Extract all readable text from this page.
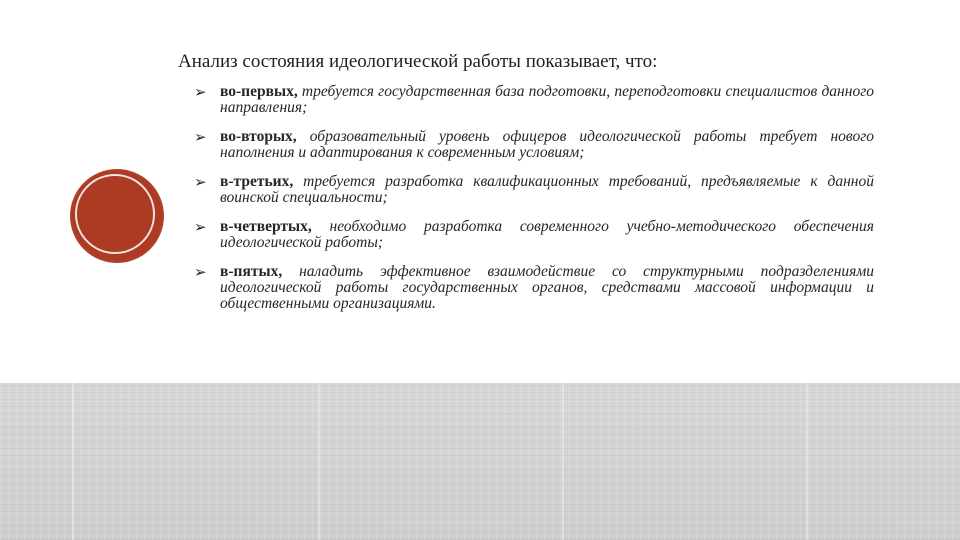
Анализ состояния идеологической работы показывает, что:
➢ во-первых, требуется государственная база подготовки, переподготовки специалистов данного направления;
➢ во-вторых, образовательный уровень офицеров идеологической работы требует нового наполнения и адаптирования к современным условиям;
➢ в-третьих, требуется разработка квалификационных требований, предъявляемые к данной воинской специальности;
➢ в-четвертых, необходимо разработка современного учебно-методического обеспечения идеологической работы;
➢ в-пятых, наладить эффективное взаимодействие со структурными подразделениями идеологической работы государственных органов, средствами массовой информации и общественными организациями.
